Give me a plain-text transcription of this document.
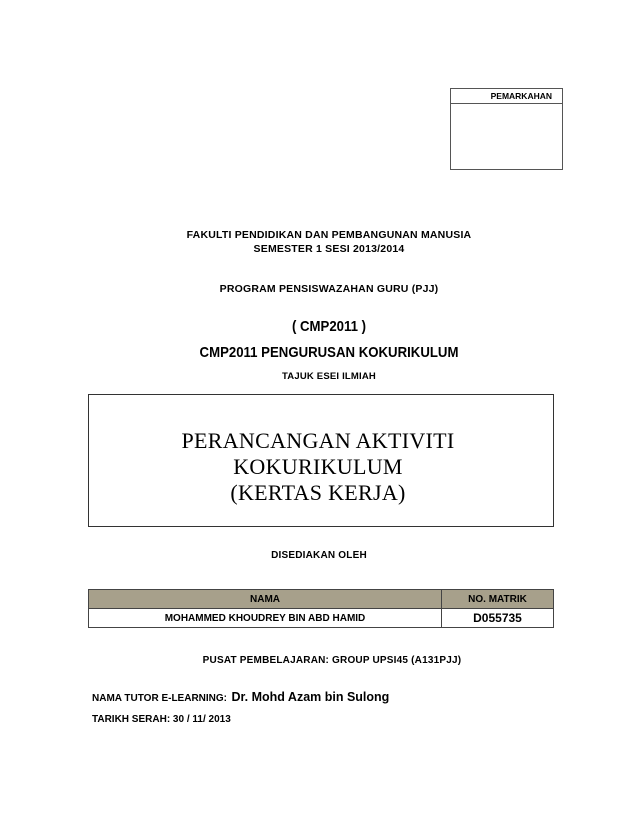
PEMARKAHAN
FAKULTI PENDIDIKAN DAN PEMBANGUNAN MANUSIA
SEMESTER 1 SESI 2013/2014
PROGRAM PENSISWAZAHAN GURU (PJJ)
( CMP2011 )
CMP2011 PENGURUSAN KOKURIKULUM
TAJUK ESEI ILMIAH
PERANCANGAN AKTIVITI
KOKURIKULUM
(KERTAS KERJA)
DISEDIAKAN OLEH
NAMA	NO. MATRIK
MOHAMMED KHOUDREY BIN ABD HAMID	D055735
PUSAT PEMBELAJARAN: GROUP UPSI45 (A131PJJ)
NAMA TUTOR E-LEARNING: Dr. Mohd Azam bin Sulong
TARIKH SERAH: 30 / 11/ 2013
